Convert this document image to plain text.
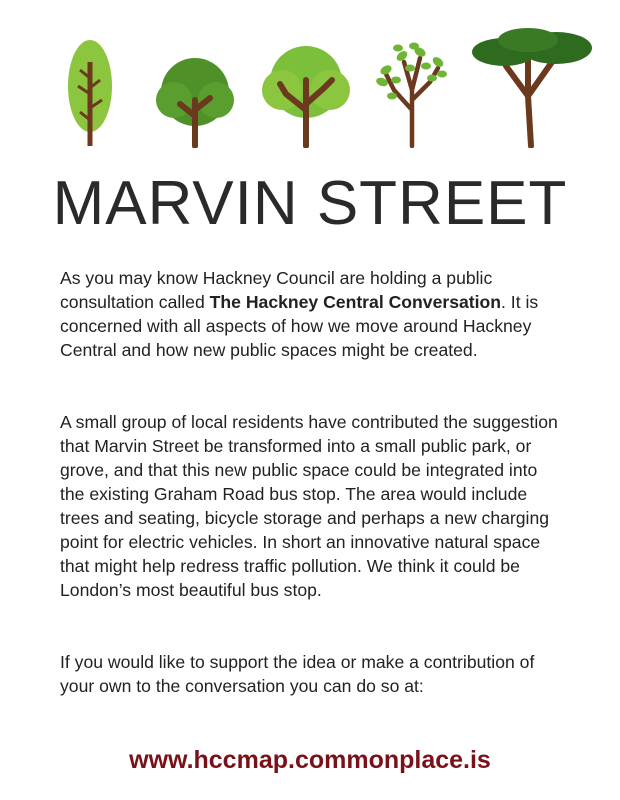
MARVIN STREET

As you may know Hackney Council are holding a public consultation called The Hackney Central Conversation. It is concerned with all aspects of how we move around Hackney Central and how new public spaces might be created.

A small group of local residents have contributed the suggestion that Marvin Street be transformed into a small public park, or grove, and that this new public space could be integrated into the existing Graham Road bus stop. The area would include trees and seating, bicycle storage and perhaps a new charging point for electric vehicles. In short an innovative natural space that might help redress traffic pollution. We think it could be London’s most beautiful bus stop.

If you would like to support the idea or make a contribution of your own to the conversation you can do so at:

www.hccmap.commonplace.is
